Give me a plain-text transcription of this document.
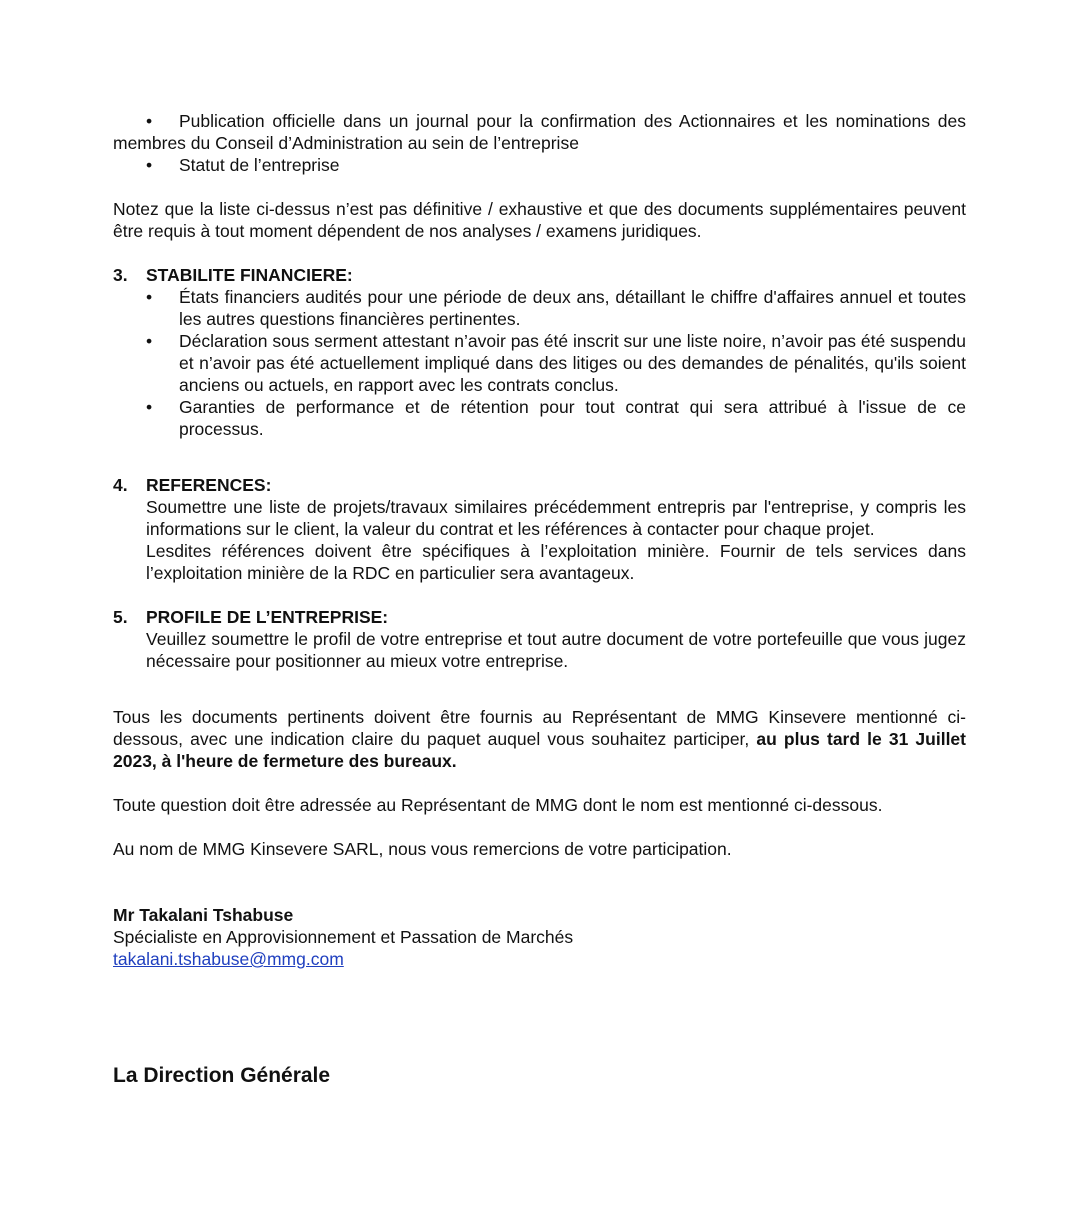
•	Publication officielle dans un journal pour la confirmation des Actionnaires et les nominations des membres du Conseil d’Administration au sein de l’entreprise
• Statut de l’entreprise

Notez que la liste ci-dessus n’est pas définitive / exhaustive et que des documents supplémentaires peuvent être requis à tout moment dépendent de nos analyses / examens juridiques.

3. STABILITE FINANCIERE:
• États financiers audités pour une période de deux ans, détaillant le chiffre d'affaires annuel et toutes les autres questions financières pertinentes.
• Déclaration sous serment attestant n’avoir pas été inscrit sur une liste noire, n’avoir pas été suspendu et n’avoir pas été actuellement impliqué dans des litiges ou des demandes de pénalités, qu'ils soient anciens ou actuels, en rapport avec les contrats conclus.
• Garanties de performance et de rétention pour tout contrat qui sera attribué à l'issue de ce processus.
4. REFERENCES:

Soumettre une liste de projets/travaux similaires précédemment entrepris par l'entreprise, y compris les informations sur le client, la valeur du contrat et les références à contacter pour chaque projet.

Lesdites références doivent être spécifiques à l’exploitation minière. Fournir de tels services dans l’exploitation minière de la RDC en particulier sera avantageux.

5. PROFILE DE L’ENTREPRISE:

Veuillez soumettre le profil de votre entreprise et tout autre document de votre portefeuille que vous jugez nécessaire pour positionner au mieux votre entreprise.

Tous les documents pertinents doivent être fournis au Représentant de MMG Kinsevere mentionné ci-dessous, avec une indication claire du paquet auquel vous souhaitez participer, au plus tard le 31 Juillet 2023, à l'heure de fermeture des bureaux.

Toute question doit être adressée au Représentant de MMG dont le nom est mentionné ci-dessous.

Au nom de MMG Kinsevere SARL, nous vous remercions de votre participation.

Mr Takalani Tshabuse

Spécialiste en Approvisionnement et Passation de Marchés

takalani.tshabuse@mmg.com

La Direction Générale
